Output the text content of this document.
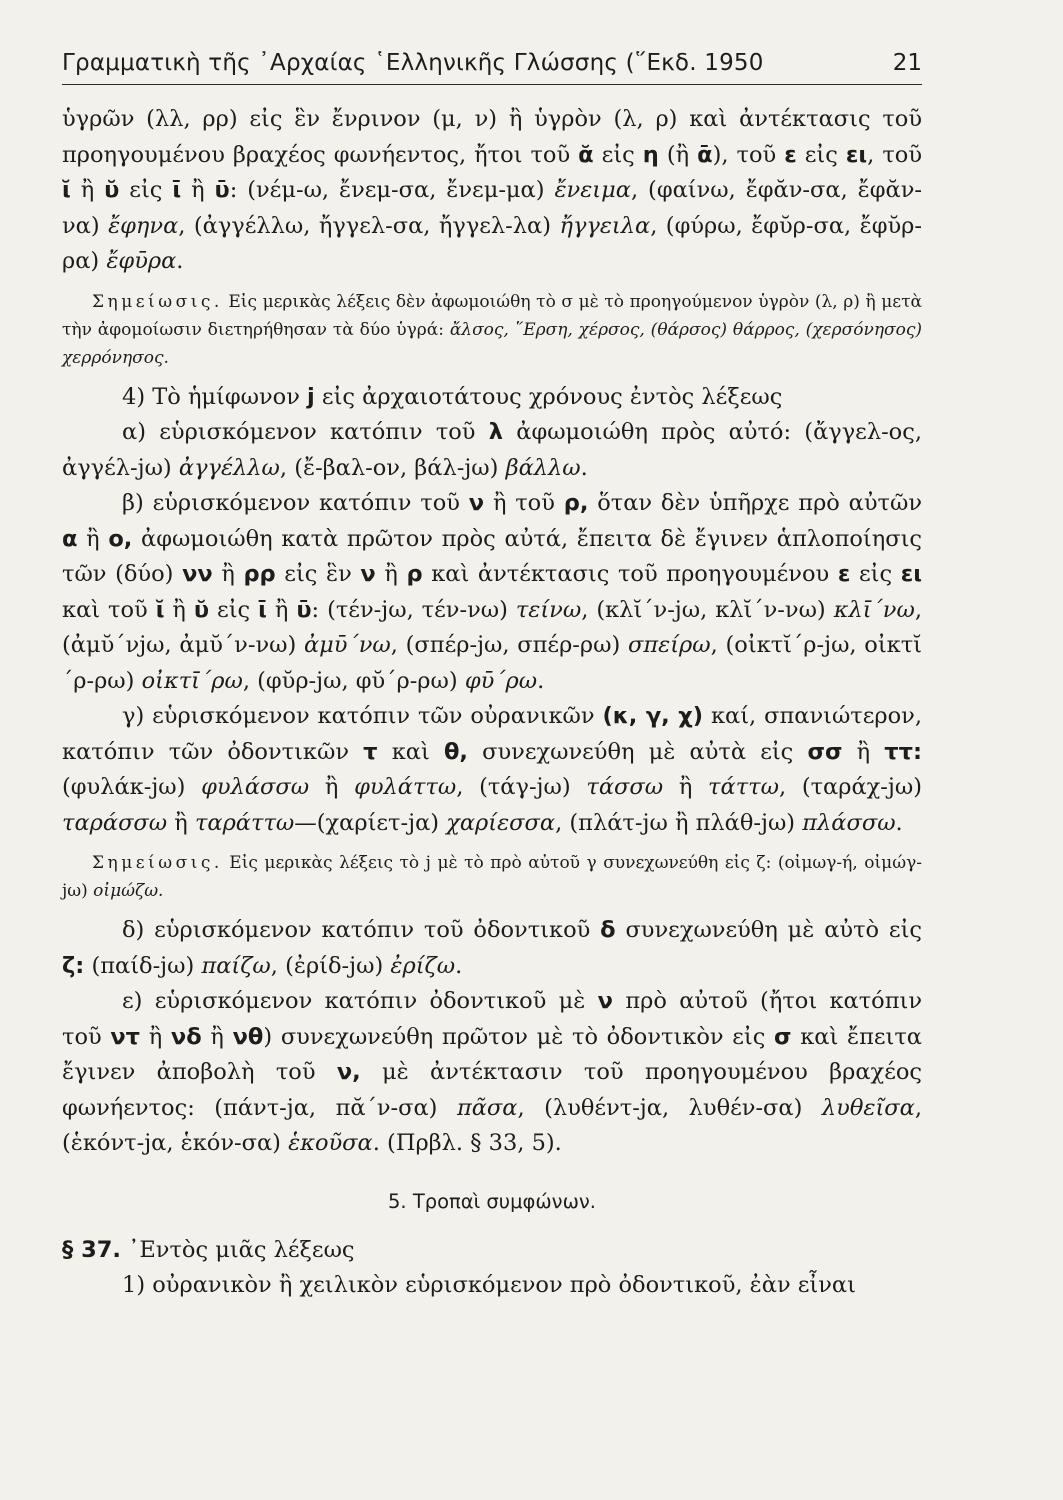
Γραμματικὴ τῆς ᾿Αρχαίας ῾Ελληνικῆς Γλώσσης (῞Εκδ. 1950	21

ὑγρῶν (λλ, ρρ) εἰς ἓν ἔνρινον (μ, ν) ἢ ὑγρὸν (λ, ρ) καὶ ἀντέκτασις τοῦ προηγουμένου βραχέος φωνήεντος, ἤτοι τοῦ ᾰ εἰς η (ἢ ᾱ), τοῦ ε εἰς ει, τοῦ ῐ ἢ ῠ εἰς ῑ ἢ ῡ: (νέμ-ω, ἔνεμ-σα, ἔνεμ-μα) ἔνειμα, (φαίνω, ἔφᾰν-σα, ἔφᾰν-να) ἔφηνα, (ἀγγέλλω, ἤγγελ-σα, ἤγγελ-λα) ἤγγειλα, (φύρω, ἔφῠρ-σα, ἔφῠρ-ρα) ἔφῡρα.

Σημείωσις. Εἰς μερικὰς λέξεις δὲν ἀφωμοιώθη τὸ σ μὲ τὸ προηγούμενον ὑγρὸν (λ, ρ) ἢ μετὰ τὴν ἀφομοίωσιν διετηρήθησαν τὰ δύο ὑγρά: ἄλσος, ῞Ερση, χέρσος, (θάρσος) θάρρος, (χερσόνησος) χερρόνησος.

4) Τὸ ἡμίφωνον j εἰς ἀρχαιοτάτους χρόνους ἐντὸς λέξεως

α) εὑρισκόμενον κατόπιν τοῦ λ ἀφωμοιώθη πρὸς αὐτό: (ἄγγελ-ος, ἀγγέλ-jω) ἀγγέλλω, (ἔ-βαλ-ον, βάλ-jω) βάλλω.

β) εὑρισκόμενον κατόπιν τοῦ ν ἢ τοῦ ρ, ὅταν δὲν ὑπῆρχε πρὸ αὐτῶν α ἢ ο, ἀφωμοιώθη κατὰ πρῶτον πρὸς αὐτά, ἔπειτα δὲ ἔγινεν ἁπλοποίησις τῶν (δύο) νν ἢ ρρ εἰς ἓν ν ἢ ρ καὶ ἀντέκτασις τοῦ προηγουμένου ε εἰς ει καὶ τοῦ ῐ ἢ ῠ εἰς ῑ ἢ ῡ: (τέν-jω, τέν-νω) τείνω, (κλῐ´ν-jω, κλῐ´ν-νω) κλῑ´νω, (ἀμῠ´νjω, ἀμῠ´ν-νω) ἀμῡ´νω, (σπέρ-jω, σπέρ-ρω) σπείρω, (οἰκτῐ´ρ-jω, οἰκτῐ´ρ-ρω) οἰκτῑ´ρω, (φῠρ-jω, φῠ´ρ-ρω) φῡ´ρω.

γ) εὑρισκόμενον κατόπιν τῶν οὐρανικῶν (κ, γ, χ) καί, σπανιώτερον, κατόπιν τῶν ὀδοντικῶν τ καὶ θ, συνεχωνεύθη μὲ αὐτὰ εἰς σσ ἢ ττ: (φυλάκ-jω) φυλάσσω ἢ φυλάττω, (τάγ-jω) τάσσω ἢ τάττω, (ταράχ-jω) ταράσσω ἢ ταράττω—(χαρίετ-jα) χαρίεσσα, (πλάτ-jω ἢ πλάθ-jω) πλάσσω.

Σημείωσις. Εἰς μερικὰς λέξεις τὸ j μὲ τὸ πρὸ αὐτοῦ γ συνεχωνεύθη εἰς ζ: (οἰμωγ-ή, οἰμώγ-jω) οἰμώζω.

δ) εὑρισκόμενον κατόπιν τοῦ ὀδοντικοῦ δ συνεχωνεύθη μὲ αὐτὸ εἰς ζ: (παίδ-jω) παίζω, (ἐρίδ-jω) ἐρίζω.

ε) εὑρισκόμενον κατόπιν ὀδοντικοῦ μὲ ν πρὸ αὐτοῦ (ἤτοι κατόπιν τοῦ ντ ἢ νδ ἢ νθ) συνεχωνεύθη πρῶτον μὲ τὸ ὀδοντικὸν εἰς σ καὶ ἔπειτα ἔγινεν ἀποβολὴ τοῦ ν, μὲ ἀντέκτασιν τοῦ προηγουμένου βραχέος φωνήεντος: (πάντ-jα, πᾰ´ν-σα) πᾶσα, (λυθέντ-jα, λυθέν-σα) λυθεῖσα, (ἑκόντ-jα, ἑκόν-σα) ἑκοῦσα. (Πρβλ. § 33, 5).

5. Τροπαὶ συμφώνων.

§ 37. ᾿Εντὸς μιᾶς λέξεως

1) οὐρανικὸν ἢ χειλικὸν εὑρισκόμενον πρὸ ὀδοντικοῦ, ἐὰν εἶναι
